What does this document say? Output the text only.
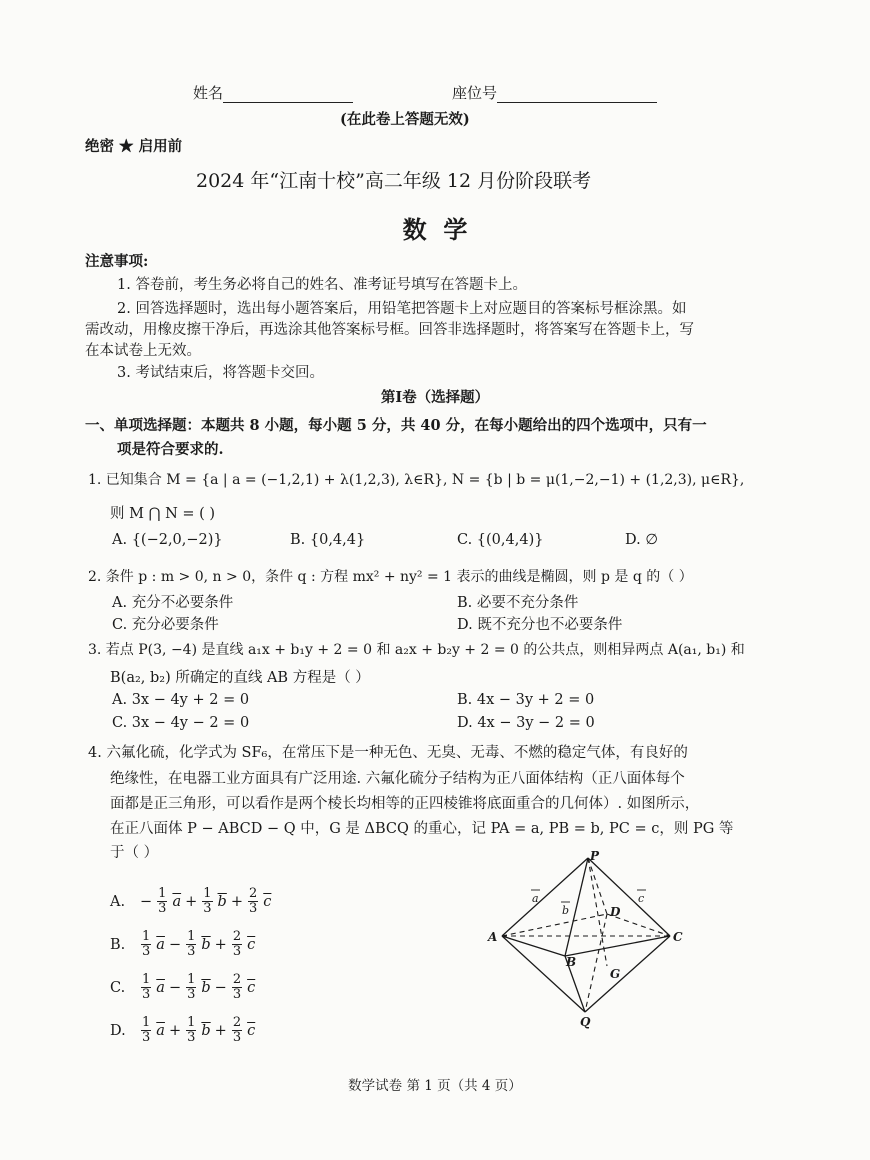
姓名	座位号
(在此卷上答题无效)
绝密 ★ 启用前
2024 年“江南十校”高二年级 12 月份阶段联考
数  学
注意事项:
1. 答卷前，考生务必将自己的姓名、准考证号填写在答题卡上。
2. 回答选择题时，选出每小题答案后，用铅笔把答题卡上对应题目的答案标号框涂黑。如
需改动，用橡皮擦干净后，再选涂其他答案标号框。回答非选择题时，将答案写在答题卡上，写
在本试卷上无效。
3. 考试结束后，将答题卡交回。
第Ⅰ卷（选择题）
一、单项选择题：本题共 8 小题，每小题 5 分，共 40 分，在每小题给出的四个选项中，只有一
项是符合要求的.
1. 已知集合 M = {a | a = (−1,2,1) + λ(1,2,3), λ∈R}, N = {b | b = μ(1,−2,−1) + (1,2,3), μ∈R},
则 M ⋂ N = ( )
A. {(−2,0,−2)}	B. {0,4,4}	C. {(0,4,4)}	D. ∅
2. 条件 p : m > 0, n > 0，条件 q : 方程 mx² + ny² = 1 表示的曲线是椭圆，则 p 是 q 的（ ）
A. 充分不必要条件	B. 必要不充分条件
C. 充分必要条件	D. 既不充分也不必要条件
3. 若点 P(3, −4) 是直线 a₁x + b₁y + 2 = 0 和 a₂x + b₂y + 2 = 0 的公共点，则相异两点 A(a₁, b₁) 和
B(a₂, b₂) 所确定的直线 AB 方程是（ ）
A. 3x − 4y + 2 = 0	B. 4x − 3y + 2 = 0
C. 3x − 4y − 2 = 0	D. 4x − 3y − 2 = 0
4. 六氟化硫，化学式为 SF₆，在常压下是一种无色、无臭、无毒、不燃的稳定气体，有良好的
绝缘性，在电器工业方面具有广泛用途. 六氟化硫分子结构为正八面体结构（正八面体每个
面都是正三角形，可以看作是两个棱长均相等的正四棱锥将底面重合的几何体）. 如图所示，
在正八面体 P − ABCD − Q 中，G 是 ΔBCQ 的重心，记 PA = a, PB = b, PC = c，则 PG 等
于（ ）
A.	− $\frac{1}{3} \overline{a} + \frac{1}{3} \overline{b} + \frac{2}{3} \overline{c}$
B.	$\frac{1}{3} \overline{a} - \frac{1}{3} \overline{b} + \frac{2}{3} \overline{c}$
C.	$\frac{1}{3} \overline{a} - \frac{1}{3} \overline{b} - \frac{2}{3} \overline{c}$
D.	$\frac{1}{3} \overline{a} + \frac{1}{3} \overline{b} + \frac{2}{3} \overline{c}$
P
A
B
C
D
Q
G
a
b
c
数学试卷 第 1 页（共 4 页）
